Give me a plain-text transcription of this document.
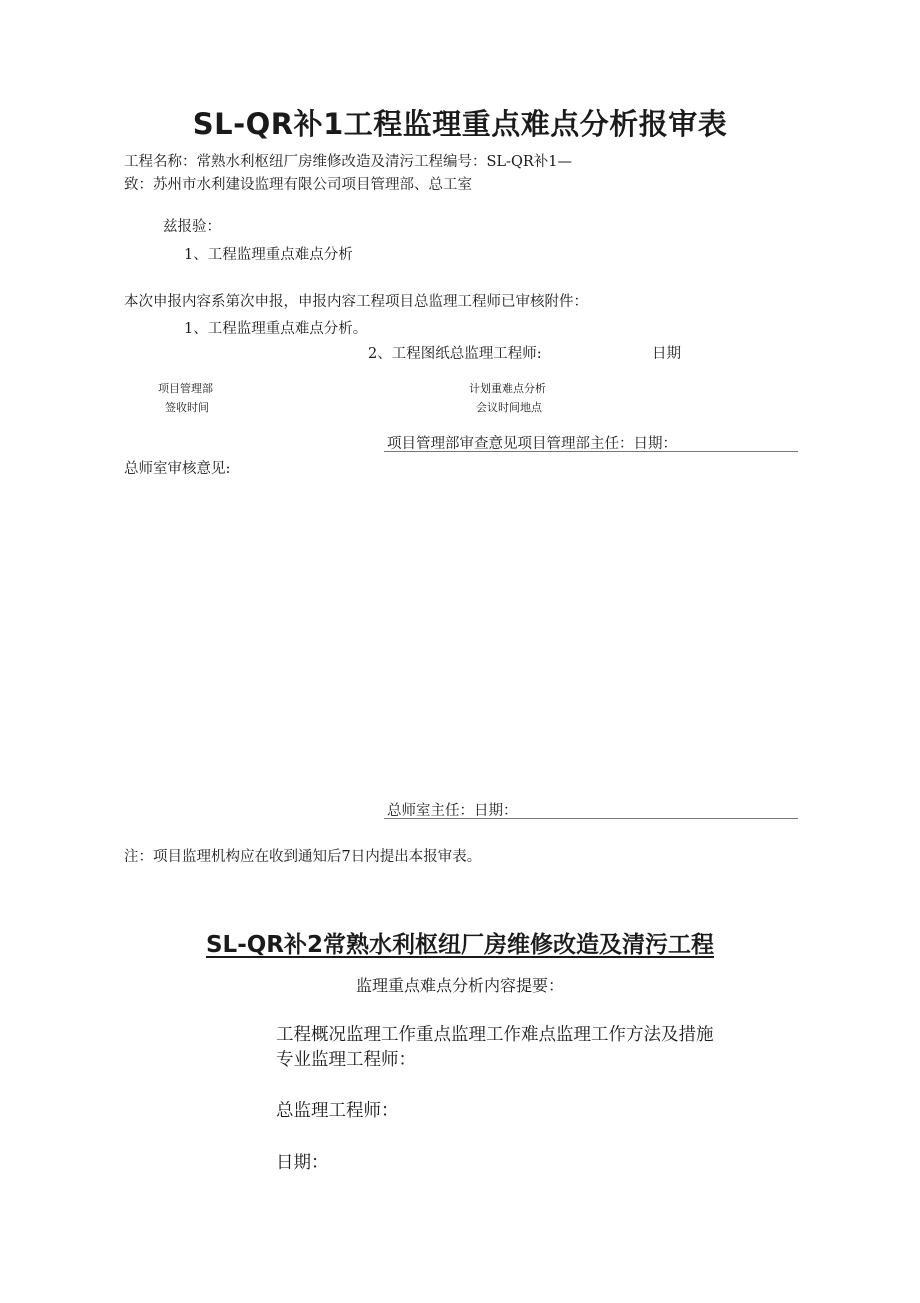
SL-QR补1工程监理重点难点分析报审表
工程名称：常熟水利枢纽厂房维修改造及清污工程编号：SL-QR补1—
致：苏州市水利建设监理有限公司项目管理部、总工室
兹报验：
1、工程监理重点难点分析
本次申报内容系第次申报，申报内容工程项目总监理工程师已审核附件：
1、工程监理重点难点分析。
2、工程图纸总监理工程师:	日期
项目管理部
签收时间
计划重难点分析
会议时间地点
项目管理部审查意见项目管理部主任：日期：
总师室审核意见:
总师室主任：日期：
注：项目监理机构应在收到通知后7日内提出本报审表。
SL-QR补2常熟水利枢纽厂房维修改造及清污工程
监理重点难点分析内容提要：
工程概况监理工作重点监理工作难点监理工作方法及措施
专业监理工程师：
总监理工程师：
日期：
